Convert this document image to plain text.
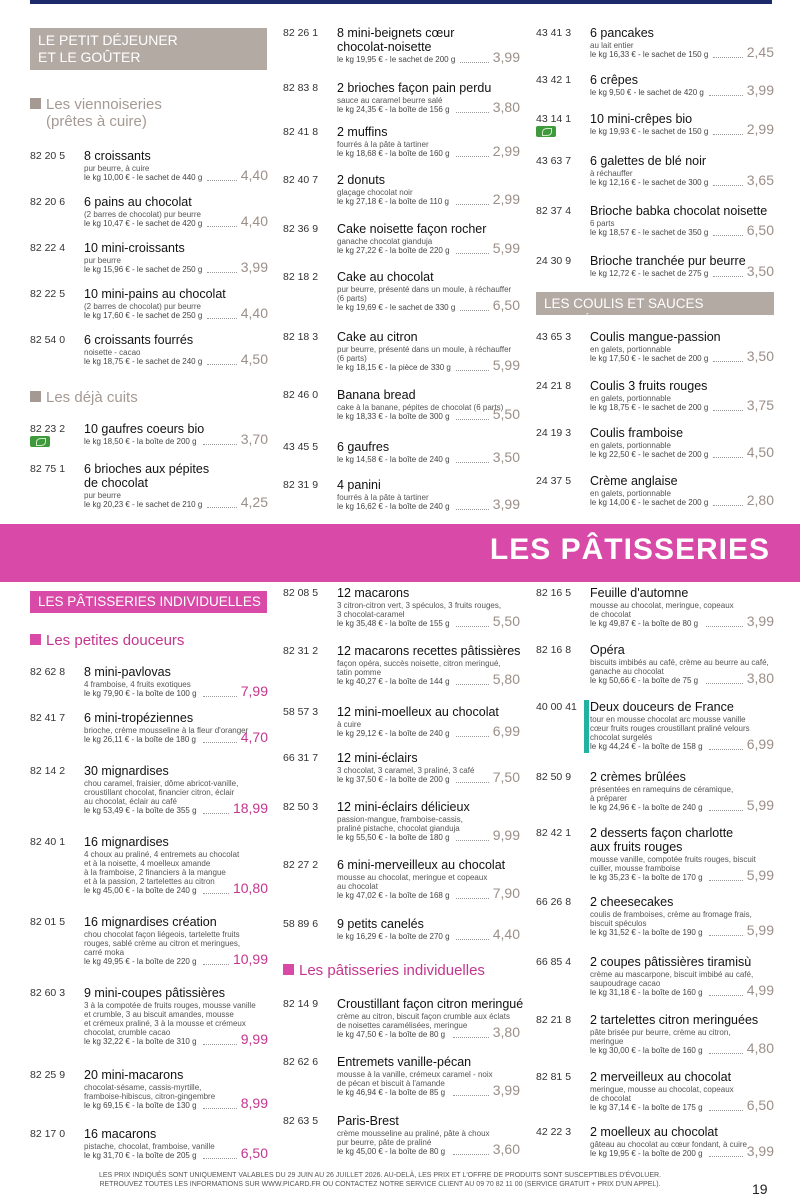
LE PETIT DÉJEUNER
ET LE GOÛTER
Les viennoiseries
(prêtes à cuire)
Les déjà cuits
LES COULIS ET SAUCES SUCRÉES
LES PÂTISSERIES
LES PÂTISSERIES INDIVIDUELLES
Les petites douceurs
Les pâtisseries individuelles
82 20 5 8 croissants
pur beurre, à cuire
le kg 10,00 € - le sachet de 440 g	4,40
82 20 6 6 pains au chocolat
(2 barres de chocolat) pur beurre
le kg 10,47 € - le sachet de 420 g	4,40
82 22 4 10 mini-croissants
pur beurre
le kg 15,96 € - le sachet de 250 g	3,99
82 22 5 10 mini-pains au chocolat
(2 barres de chocolat) pur beurre
le kg 17,60 € - le sachet de 250 g	4,40
82 54 0 6 croissants fourrés
noisette - cacao
le kg 18,75 € - le sachet de 240 g	4,50
82 23 2 10 gaufres coeurs bio
le kg 18,50 € - la boîte de 200 g	3,70
82 75 1 6 brioches aux pépites
de chocolat
pur beurre
le kg 20,23 € - le sachet de 210 g	4,25
82 26 1 8 mini-beignets cœur
chocolat-noisette
le kg 19,95 € - le sachet de 200 g	3,99
82 83 8 2 brioches façon pain perdu
sauce au caramel beurre salé
le kg 24,35 € - la boîte de 156 g	3,80
82 41 8 2 muffins
fourrés à la pâte à tartiner
le kg 18,68 € - la boîte de 160 g	2,99
82 40 7 2 donuts
glaçage chocolat noir
le kg 27,18 € - la boîte de 110 g	2,99
82 36 9 Cake noisette façon rocher
ganache chocolat gianduja
le kg 27,22 € - la boîte de 220 g	5,99
82 18 2 Cake au chocolat
pur beurre, présenté dans un moule, à réchauffer
(6 parts)
le kg 19,69 € - le sachet de 330 g	6,50
82 18 3 Cake au citron
pur beurre, présenté dans un moule, à réchauffer
(6 parts)
le kg 18,15 € - la pièce de 330 g	5,99
82 46 0 Banana bread
cake à la banane, pépites de chocolat (6 parts)
le kg 18,33 € - la boîte de 300 g	5,50
43 45 5 6 gaufres
le kg 14,58 € - la boîte de 240 g	3,50
82 31 9 4 panini
fourrés à la pâte à tartiner
le kg 16,62 € - la boîte de 240 g	3,99
43 41 3 6 pancakes
au lait entier
le kg 16,33 € - le sachet de 150 g	2,45
43 42 1 6 crêpes
le kg 9,50 € - le sachet de 420 g	3,99
43 14 1 10 mini-crêpes bio
le kg 19,93 € - le sachet de 150 g	2,99
43 63 7 6 galettes de blé noir
à réchauffer
le kg 12,16 € - le sachet de 300 g	3,65
82 37 4 Brioche babka chocolat noisette
6 parts
le kg 18,57 € - le sachet de 350 g	6,50
24 30 9 Brioche tranchée pur beurre
le kg 12,72 € - le sachet de 275 g	3,50
43 65 3 Coulis mangue-passion
en galets, portionnable
le kg 17,50 € - le sachet de 200 g	3,50
24 21 8 Coulis 3 fruits rouges
en galets, portionnable
le kg 18,75 € - le sachet de 200 g	3,75
24 19 3 Coulis framboise
en galets, portionnable
le kg 22,50 € - le sachet de 200 g	4,50
24 37 5 Crème anglaise
en galets, portionnable
le kg 14,00 € - le sachet de 200 g	2,80
82 62 8 8 mini-pavlovas
4 framboise, 4 fruits exotiques
le kg 79,90 € - la boîte de 100 g	7,99
82 41 7 6 mini-tropéziennes
brioche, crème mousseline à la fleur d'oranger
le kg 26,11 € - la boîte de 180 g	4,70
82 14 2 30 mignardises
chou caramel, fraisier, dôme abricot-vanille,
croustillant chocolat, financier citron, éclair
au chocolat, éclair au café
le kg 53,49 € - la boîte de 355 g	18,99
82 40 1 16 mignardises
4 choux au praliné, 4 entremets au chocolat
et à la noisette, 4 moelleux amande
à la framboise, 2 financiers à la mangue
et à la passion, 2 tartelettes au citron
le kg 45,00 € - la boîte de 240 g	10,80
82 01 5 16 mignardises création
chou chocolat façon liégeois, tartelette fruits
rouges, sablé crème au citron et meringues,
carré moka
le kg 49,95 € - la boîte de 220 g	10,99
82 60 3 9 mini-coupes pâtissières
3 à la compotée de fruits rouges, mousse vanille
et crumble, 3 au biscuit amandes, mousse
et crémeux praliné, 3 à la mousse et crémeux
chocolat, crumble cacao
le kg 32,22 € - la boîte de 310 g	9,99
82 25 9 20 mini-macarons
chocolat-sésame, cassis-myrtille,
framboise-hibiscus, citron-gingembre
le kg 69,15 € - la boîte de 130 g	8,99
82 17 0 16 macarons
pistache, chocolat, framboise, vanille
le kg 31,70 € - la boîte de 205 g	6,50
82 08 5 12 macarons
3 citron-citron vert, 3 spéculos, 3 fruits rouges,
3 chocolat-caramel
le kg 35,48 € - la boîte de 155 g	5,50
82 31 2 12 macarons recettes pâtissières
façon opéra, succès noisette, citron meringué,
tatin pomme
le kg 40,27 € - la boîte de 144 g	5,80
58 57 3 12 mini-moelleux au chocolat
à cuire
le kg 29,12 € - la boîte de 240 g	6,99
66 31 7 12 mini-éclairs
3 chocolat, 3 caramel, 3 praliné, 3 café
le kg 37,50 € - la boîte de 200 g	7,50
82 50 3 12 mini-éclairs délicieux
passion-mangue, framboise-cassis,
praliné pistache, chocolat gianduja
le kg 55,50 € - la boîte de 180 g	9,99
82 27 2 6 mini-merveilleux au chocolat
mousse au chocolat, meringue et copeaux
au chocolat
le kg 47,02 € - la boîte de 168 g	7,90
58 89 6 9 petits canelés
le kg 16,29 € - la boîte de 270 g	4,40
82 14 9 Croustillant façon citron meringué
crème au citron, biscuit façon crumble aux éclats
de noisettes caramélisées, meringue
le kg 47,50 € - la boîte de 80 g	3,80
82 62 6 Entremets vanille-pécan
mousse à la vanille, crémeux caramel - noix
de pécan et biscuit à l'amande
le kg 46,94 € - la boîte de 85 g	3,99
82 63 5 Paris-Brest
crème mousseline au praliné, pâte à choux
pur beurre, pâte de praliné
le kg 45,00 € - la boîte de 80 g	3,60
82 16 5 Feuille d'automne
mousse au chocolat, meringue, copeaux
de chocolat
le kg 49,87 € - la boîte de 80 g	3,99
82 16 8 Opéra
biscuits imbibés au café, crème au beurre au café,
ganache au chocolat
le kg 50,66 € - la boîte de 75 g	3,80
40 00 41 Deux douceurs de France
tour en mousse chocolat arc mousse vanille
cœur fruits rouges croustillant praliné velours
chocolat surgelés
le kg 44,24 € - la boîte de 158 g	6,99
82 50 9 2 crèmes brûlées
présentées en ramequins de céramique,
à préparer
le kg 24,96 € - la boîte de 240 g	5,99
82 42 1 2 desserts façon charlotte
aux fruits rouges
mousse vanille, compotée fruits rouges, biscuit
cuiller, mousse framboise
le kg 35,23 € - la boîte de 170 g	5,99
66 26 8 2 cheesecakes
coulis de framboises, crème au fromage frais,
biscuit spéculos
le kg 31,52 € - la boîte de 190 g	5,99
66 85 4 2 coupes pâtissières tiramisù
crème au mascarpone, biscuit imbibé au café,
saupoudrage cacao
le kg 31,18 € - la boîte de 160 g	4,99
82 21 8 2 tartelettes citron meringuées
pâte brisée pur beurre, crème au citron,
meringue
le kg 30,00 € - la boîte de 160 g	4,80
82 81 5 2 merveilleux au chocolat
meringue, mousse au chocolat, copeaux
de chocolat
le kg 37,14 € - la boîte de 175 g	6,50
42 22 3 2 moelleux au chocolat
gâteau au chocolat au cœur fondant, à cuire
le kg 19,95 € - la boîte de 200 g	3,99
LES PRIX INDIQUÉS SONT UNIQUEMENT VALABLES DU 29 JUIN AU 26 JUILLET 2026. AU-DELÀ, LES PRIX ET L'OFFRE DE PRODUITS SONT SUSCEPTIBLES D'ÉVOLUER.
RETROUVEZ TOUTES LES INFORMATIONS SUR WWW.PICARD.FR OU CONTACTEZ NOTRE SERVICE CLIENT AU 09 70 82 11 00 (SERVICE GRATUIT + PRIX D'UN APPEL).	19
